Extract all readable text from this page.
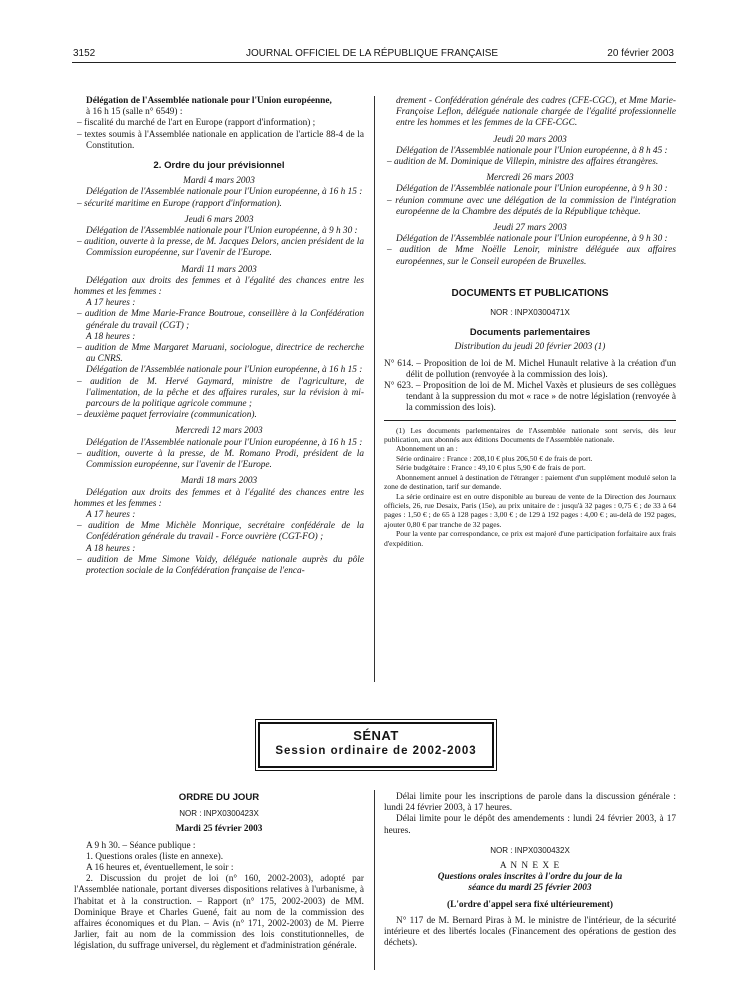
3152	JOURNAL OFFICIEL DE LA RÉPUBLIQUE FRANÇAISE	20 février 2003

Délégation de l'Assemblée nationale pour l'Union européenne,

à 16 h 15 (salle n° 6549) :

– fiscalité du marché de l'art en Europe (rapport d'information) ;

– textes soumis à l'Assemblée nationale en application de l'article 88-4 de la Constitution.

2. Ordre du jour prévisionnel

Mardi 4 mars 2003

Délégation de l'Assemblée nationale pour l'Union européenne, à 16 h 15 :

– sécurité maritime en Europe (rapport d'information).

Jeudi 6 mars 2003

Délégation de l'Assemblée nationale pour l'Union européenne, à 9 h 30 :

– audition, ouverte à la presse, de M. Jacques Delors, ancien président de la Commission européenne, sur l'avenir de l'Europe.

Mardi 11 mars 2003

Délégation aux droits des femmes et à l'égalité des chances entre les hommes et les femmes :

A 17 heures :

– audition de Mme Marie-France Boutroue, conseillère à la Confédération générale du travail (CGT) ;

A 18 heures :

– audition de Mme Margaret Maruani, sociologue, directrice de recherche au CNRS.

Délégation de l'Assemblée nationale pour l'Union européenne, à 16 h 15 :

– audition de M. Hervé Gaymard, ministre de l'agriculture, de l'alimentation, de la pêche et des affaires rurales, sur la révision à mi-parcours de la politique agricole commune ;

– deuxième paquet ferroviaire (communication).

Mercredi 12 mars 2003

Délégation de l'Assemblée nationale pour l'Union européenne, à 16 h 15 :

– audition, ouverte à la presse, de M. Romano Prodi, président de la Commission européenne, sur l'avenir de l'Europe.

Mardi 18 mars 2003

Délégation aux droits des femmes et à l'égalité des chances entre les hommes et les femmes :

A 17 heures :

– audition de Mme Michèle Monrique, secrétaire confédérale de la Confédération générale du travail - Force ouvrière (CGT-FO) ;

A 18 heures :

– audition de Mme Simone Vaidy, déléguée nationale auprès du pôle protection sociale de la Confédération française de l'enca-

drement - Confédération générale des cadres (CFE-CGC), et Mme Marie-Françoise Leflon, déléguée nationale chargée de l'égalité professionnelle entre les hommes et les femmes de la CFE-CGC.

Jeudi 20 mars 2003

Délégation de l'Assemblée nationale pour l'Union européenne, à 8 h 45 :

– audition de M. Dominique de Villepin, ministre des affaires étrangères.

Mercredi 26 mars 2003

Délégation de l'Assemblée nationale pour l'Union européenne, à 9 h 30 :

– réunion commune avec une délégation de la commission de l'intégration européenne de la Chambre des députés de la République tchèque.

Jeudi 27 mars 2003

Délégation de l'Assemblée nationale pour l'Union européenne, à 9 h 30 :

– audition de Mme Noëlle Lenoir, ministre déléguée aux affaires européennes, sur le Conseil européen de Bruxelles.

DOCUMENTS ET PUBLICATIONS

NOR : INPX0300471X

Documents parlementaires

Distribution du jeudi 20 février 2003 (1)

N° 614. – Proposition de loi de M. Michel Hunault relative à la création d'un délit de pollution (renvoyée à la commission des lois).

N° 623. – Proposition de loi de M. Michel Vaxès et plusieurs de ses collègues tendant à la suppression du mot « race » de notre législation (renvoyée à la commission des lois).

(1) Les documents parlementaires de l'Assemblée nationale sont servis, dès leur publication, aux abonnés aux éditions Documents de l'Assemblée nationale.

Abonnement un an :

Série ordinaire : France : 208,10 € plus 206,50 € de frais de port.

Série budgétaire : France : 49,10 € plus 5,90 € de frais de port.

Abonnement annuel à destination de l'étranger : paiement d'un supplément modulé selon la zone de destination, tarif sur demande.

La série ordinaire est en outre disponible au bureau de vente de la Direction des Journaux officiels, 26, rue Desaix, Paris (15e), au prix unitaire de : jusqu'à 32 pages : 0,75 € ; de 33 à 64 pages : 1,50 € ; de 65 à 128 pages : 3,00 € ; de 129 à 192 pages : 4,00 € ; au-delà de 192 pages, ajouter 0,80 € par tranche de 32 pages.

Pour la vente par correspondance, ce prix est majoré d'une participation forfaitaire aux frais d'expédition.

SÉNAT
Session ordinaire de 2002-2003

ORDRE DU JOUR

NOR : INPX0300423X

Mardi 25 février 2003

A 9 h 30. – Séance publique :

1. Questions orales (liste en annexe).

A 16 heures et, éventuellement, le soir :

2. Discussion du projet de loi (n° 160, 2002-2003), adopté par l'Assemblée nationale, portant diverses dispositions relatives à l'urbanisme, à l'habitat et à la construction. – Rapport (n° 175, 2002-2003) de MM. Dominique Braye et Charles Guené, fait au nom de la commission des affaires économiques et du Plan. – Avis (n° 171, 2002-2003) de M. Pierre Jarlier, fait au nom de la commission des lois constitutionnelles, de législation, du suffrage universel, du règlement et d'administration générale.

Délai limite pour les inscriptions de parole dans la discussion générale : lundi 24 février 2003, à 17 heures.

Délai limite pour le dépôt des amendements : lundi 24 février 2003, à 17 heures.

NOR : INPX0300432X

A N N E X E

Questions orales inscrites à l'ordre du jour de la séance du mardi 25 février 2003

(L'ordre d'appel sera fixé ultérieurement)

N° 117 de M. Bernard Piras à M. le ministre de l'intérieur, de la sécurité intérieure et des libertés locales (Financement des opérations de gestion des déchets).
